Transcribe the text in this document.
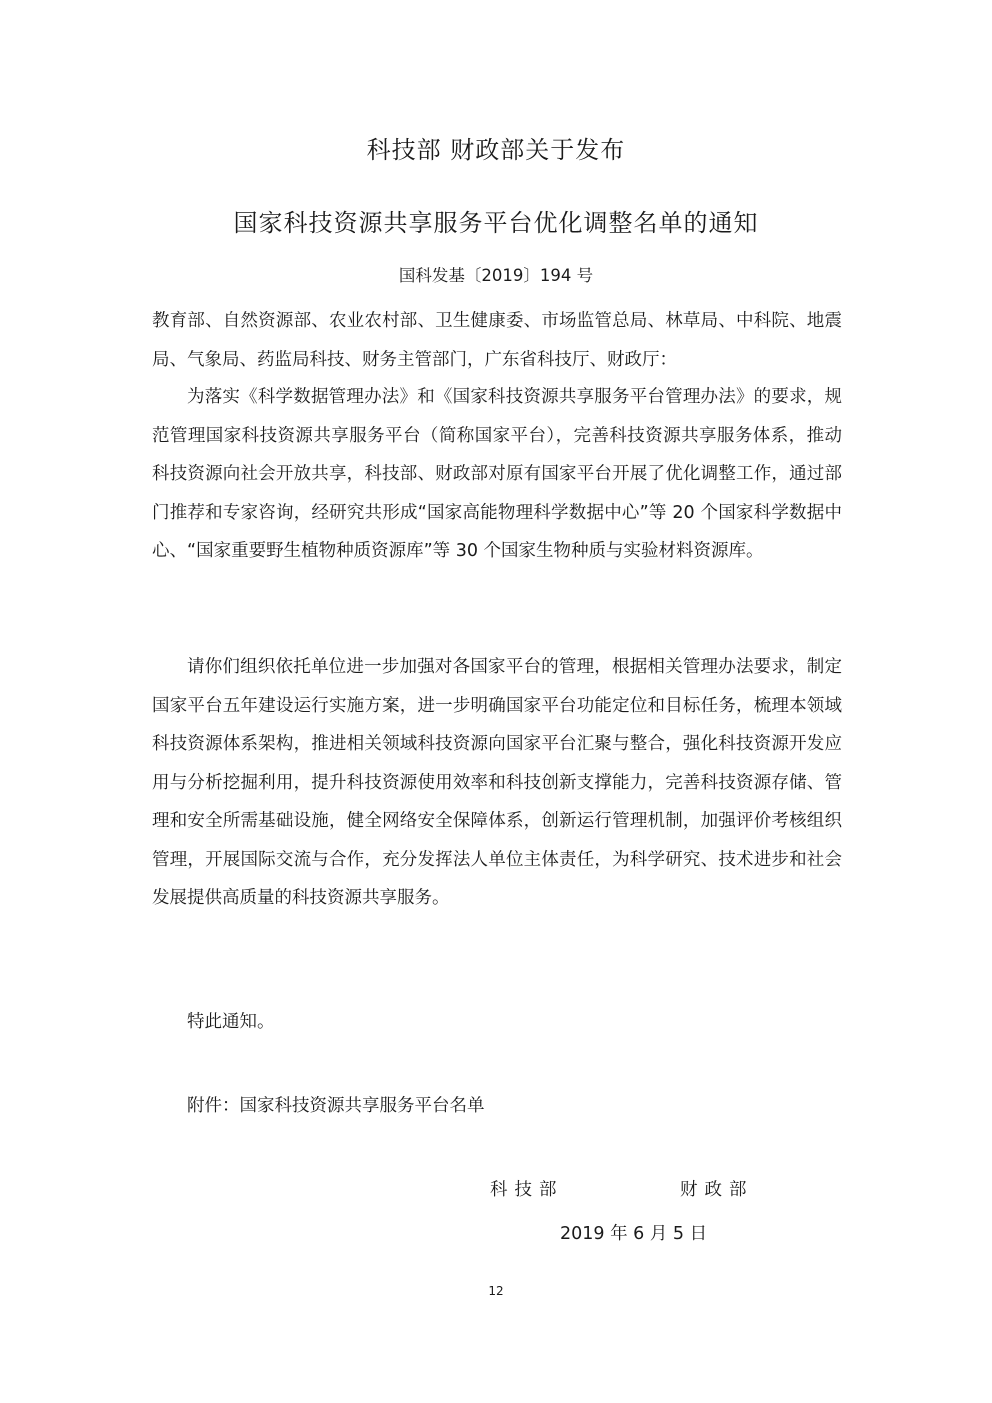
科技部 财政部关于发布
国家科技资源共享服务平台优化调整名单的通知
国科发基〔2019〕194 号
教育部、自然资源部、农业农村部、卫生健康委、市场监管总局、林草局、中科院、地震局、气象局、药监局科技、财务主管部门，广东省科技厅、财政厅：
为落实《科学数据管理办法》和《国家科技资源共享服务平台管理办法》的要求，规范管理国家科技资源共享服务平台（简称国家平台），完善科技资源共享服务体系，推动科技资源向社会开放共享，科技部、财政部对原有国家平台开展了优化调整工作，通过部门推荐和专家咨询，经研究共形成“国家高能物理科学数据中心”等 20 个国家科学数据中心、“国家重要野生植物种质资源库”等 30 个国家生物种质与实验材料资源库。
请你们组织依托单位进一步加强对各国家平台的管理，根据相关管理办法要求，制定国家平台五年建设运行实施方案，进一步明确国家平台功能定位和目标任务，梳理本领域科技资源体系架构，推进相关领域科技资源向国家平台汇聚与整合，强化科技资源开发应用与分析挖掘利用，提升科技资源使用效率和科技创新支撑能力，完善科技资源存储、管理和安全所需基础设施，健全网络安全保障体系，创新运行管理机制，加强评价考核组织管理，开展国际交流与合作，充分发挥法人单位主体责任，为科学研究、技术进步和社会发展提供高质量的科技资源共享服务。
特此通知。
附件：国家科技资源共享服务平台名单
科技部	财政部
2019 年 6 月 5 日
12
